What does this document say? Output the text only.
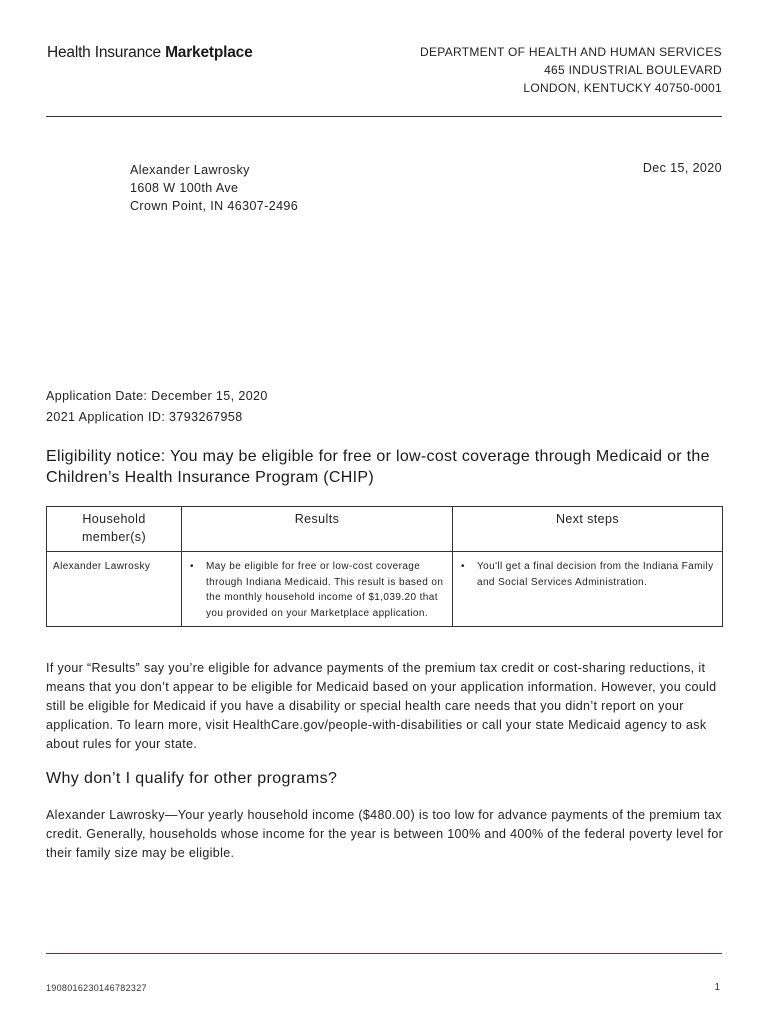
Health Insurance Marketplace	DEPARTMENT OF HEALTH AND HUMAN SERVICES
465 INDUSTRIAL BOULEVARD
LONDON, KENTUCKY 40750-0001
Alexander Lawrosky
1608 W 100th Ave
Crown Point, IN 46307-2496
Dec 15, 2020
Application Date: December 15, 2020
2021 Application ID: 3793267958
Eligibility notice: You may be eligible for free or low-cost coverage through Medicaid or the Children’s Health Insurance Program (CHIP)
Household member(s)	Results	Next steps
Alexander Lawrosky	• May be eligible for free or low-cost coverage through Indiana Medicaid. This result is based on the monthly household income of $1,039.20 that you provided on your Marketplace application.	• You'll get a final decision from the Indiana Family and Social Services Administration.
If your “Results” say you’re eligible for advance payments of the premium tax credit or cost-sharing reductions, it means that you don’t appear to be eligible for Medicaid based on your application information. However, you could still be eligible for Medicaid if you have a disability or special health care needs that you didn’t report on your application. To learn more, visit HealthCare.gov/people-with-disabilities or call your state Medicaid agency to ask about rules for your state.
Why don’t I qualify for other programs?
Alexander Lawrosky—Your yearly household income ($480.00) is too low for advance payments of the premium tax credit. Generally, households whose income for the year is between 100% and 400% of the federal poverty level for their family size may be eligible.
1908016230146782327	1
